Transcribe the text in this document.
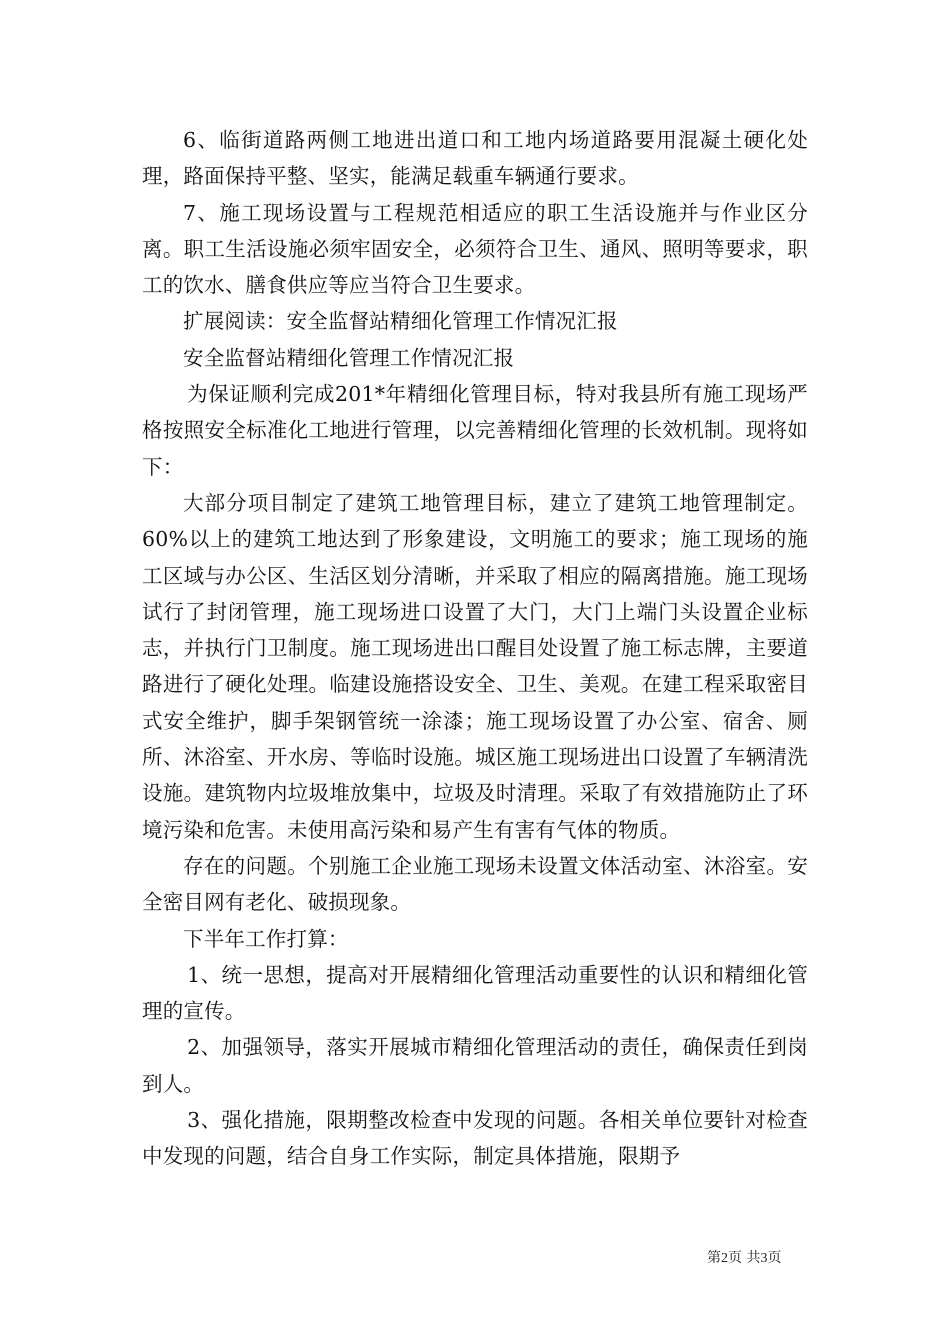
6、临街道路两侧工地进出道口和工地内场道路要用混凝土硬化处理，路面保持平整、坚实，能满足载重车辆通行要求。

7、施工现场设置与工程规范相适应的职工生活设施并与作业区分离。职工生活设施必须牢固安全，必须符合卫生、通风、照明等要求，职工的饮水、膳食供应等应当符合卫生要求。

扩展阅读：安全监督站精细化管理工作情况汇报

安全监督站精细化管理工作情况汇报

为保证顺利完成201*年精细化管理目标，特对我县所有施工现场严格按照安全标准化工地进行管理，以完善精细化管理的长效机制。现将如下：

大部分项目制定了建筑工地管理目标，建立了建筑工地管理制定。60%以上的建筑工地达到了形象建设，文明施工的要求；施工现场的施工区域与办公区、生活区划分清晰，并采取了相应的隔离措施。施工现场试行了封闭管理，施工现场进口设置了大门，大门上端门头设置企业标志，并执行门卫制度。施工现场进出口醒目处设置了施工标志牌，主要道路进行了硬化处理。临建设施搭设安全、卫生、美观。在建工程采取密目式安全维护，脚手架钢管统一涂漆；施工现场设置了办公室、宿舍、厕所、沐浴室、开水房、等临时设施。城区施工现场进出口设置了车辆清洗设施。建筑物内垃圾堆放集中，垃圾及时清理。采取了有效措施防止了环境污染和危害。未使用高污染和易产生有害有气体的物质。

存在的问题。个别施工企业施工现场未设置文体活动室、沐浴室。安全密目网有老化、破损现象。

下半年工作打算：

1、统一思想，提高对开展精细化管理活动重要性的认识和精细化管理的宣传。

2、加强领导，落实开展城市精细化管理活动的责任，确保责任到岗到人。

3、强化措施，限期整改检查中发现的问题。各相关单位要针对检查中发现的问题，结合自身工作实际，制定具体措施，限期予

第2页 共3页
